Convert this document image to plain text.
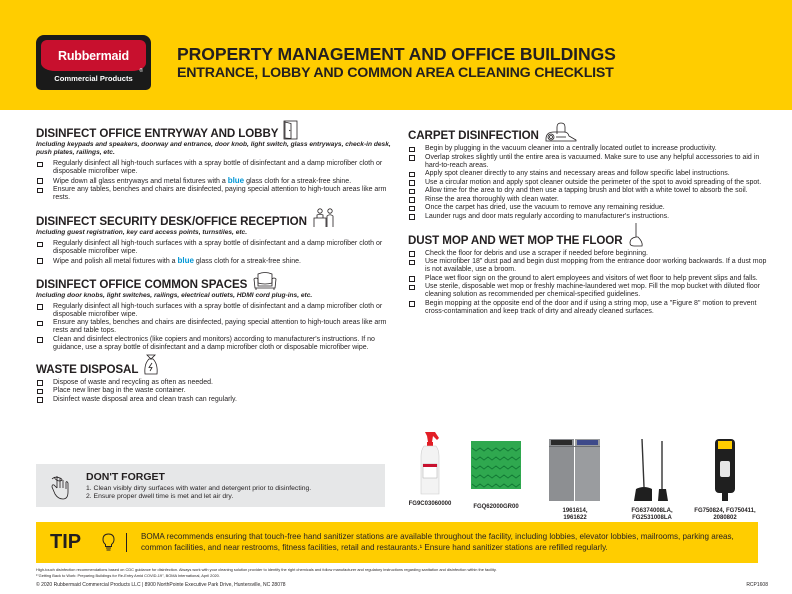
Rubbermaid
®
Commercial Products
PROPERTY MANAGEMENT AND OFFICE BUILDINGS
ENTRANCE, LOBBY AND COMMON AREA CLEANING CHECKLIST
DISINFECT OFFICE ENTRYWAY AND LOBBY
Including keypads and speakers, doorway and entrance, door knob, light switch, glass entryways, check-in desk, push plates, railings, etc.
Regularly disinfect all high-touch surfaces with a spray bottle of disinfectant and a damp microfiber cloth or disposable microfiber wipe.
Wipe down all glass entryways and metal fixtures with a blue glass cloth for a streak-free shine.
Ensure any tables, benches and chairs are disinfected, paying special attention to high-touch areas like arm rests.
DISINFECT SECURITY DESK/OFFICE RECEPTION
Including guest registration, key card access points, turnstiles, etc.
Regularly disinfect all high-touch surfaces with a spray bottle of disinfectant and a damp microfiber cloth or disposable microfiber wipe.
Wipe and polish all metal fixtures with a blue glass cloth for a streak-free shine.
DISINFECT OFFICE COMMON SPACES
Including door knobs, light switches, railings, electrical outlets, HDMI cord plug-ins, etc.
Regularly disinfect all high-touch surfaces with a spray bottle of disinfectant and a damp microfiber cloth or disposable microfiber wipe.
Ensure any tables, benches and chairs are disinfected, paying special attention to high-touch areas like arm rests and table tops.
Clean and disinfect electronics (like copiers and monitors) according to manufacturer's instructions. If no guidance, use a spray bottle of disinfectant and a damp microfiber cloth or disposable microfiber wipe.
WASTE DISPOSAL
Dispose of waste and recycling as often as needed.
Place new liner bag in the waste container.
Disinfect waste disposal area and clean trash can regularly.
CARPET DISINFECTION
Begin by plugging in the vacuum cleaner into a centrally located outlet to increase productivity.
Overlap strokes slightly until the entire area is vacuumed. Make sure to use any helpful accessories to aid in hard-to-reach areas.
Apply spot cleaner directly to any stains and necessary areas and follow specific label instructions.
Use a circular motion and apply spot cleaner outside the perimeter of the spot to avoid spreading of the spot.
Allow time for the area to dry and then use a tapping brush and blot with a white towel to absorb the soil.
Rinse the area thoroughly with clean water.
Once the carpet has dried, use the vacuum to remove any remaining residue.
Launder rugs and door mats regularly according to manufacturer's instructions.
DUST MOP AND WET MOP THE FLOOR
Check the floor for debris and use a scraper if needed before beginning.
Use microfiber 18" dust pad and begin dust mopping from the entrance door working backwards. If a dust mop is not available, use a broom.
Place wet floor sign on the ground to alert employees and visitors of wet floor to help prevent slips and falls.
Use sterile, disposable wet mop or freshly machine-laundered wet mop. Fill the mop bucket with diluted floor cleaning solution as recommended per chemical-specified guidelines.
Begin mopping at the opposite end of the door and if using a string mop, use a "Figure 8" motion to prevent cross-contamination and keep track of dirty and already cleaned surfaces.
DON'T FORGET
1. Clean visibly dirty surfaces with water and detergent prior to disinfecting.
2. Ensure proper dwell time is met and let air dry.
FG9C03060000	FGQ62000GR00

1961614,
1961622

FG6374008LA,
FG2531008LA

FG750824, FG750411,
2080802

TIP	BOMA recommends ensuring that touch-free hand sanitizer stations are available throughout the facility, including lobbies, elevator lobbies, mailrooms, parking areas, common facilities, and near restrooms, fitness facilities, retail and restaurants.¹ Ensure hand sanitizer stations are refilled regularly.
High-touch disinfection recommendations based on CDC guidance for disinfection. Always work with your cleaning solution provider to identify the right chemicals and follow manufacturer and regulatory instructions regarding sanitation and disinfection within the facility.
¹"Getting Back to Work: Preparing Buildings for Re-Entry Amid COVID-19", BOMA International, April 2020.
© 2020 Rubbermaid Commercial Products LLC | 8900 NorthPointe Executive Park Drive, Huntersville, NC 28078	RCP1608
